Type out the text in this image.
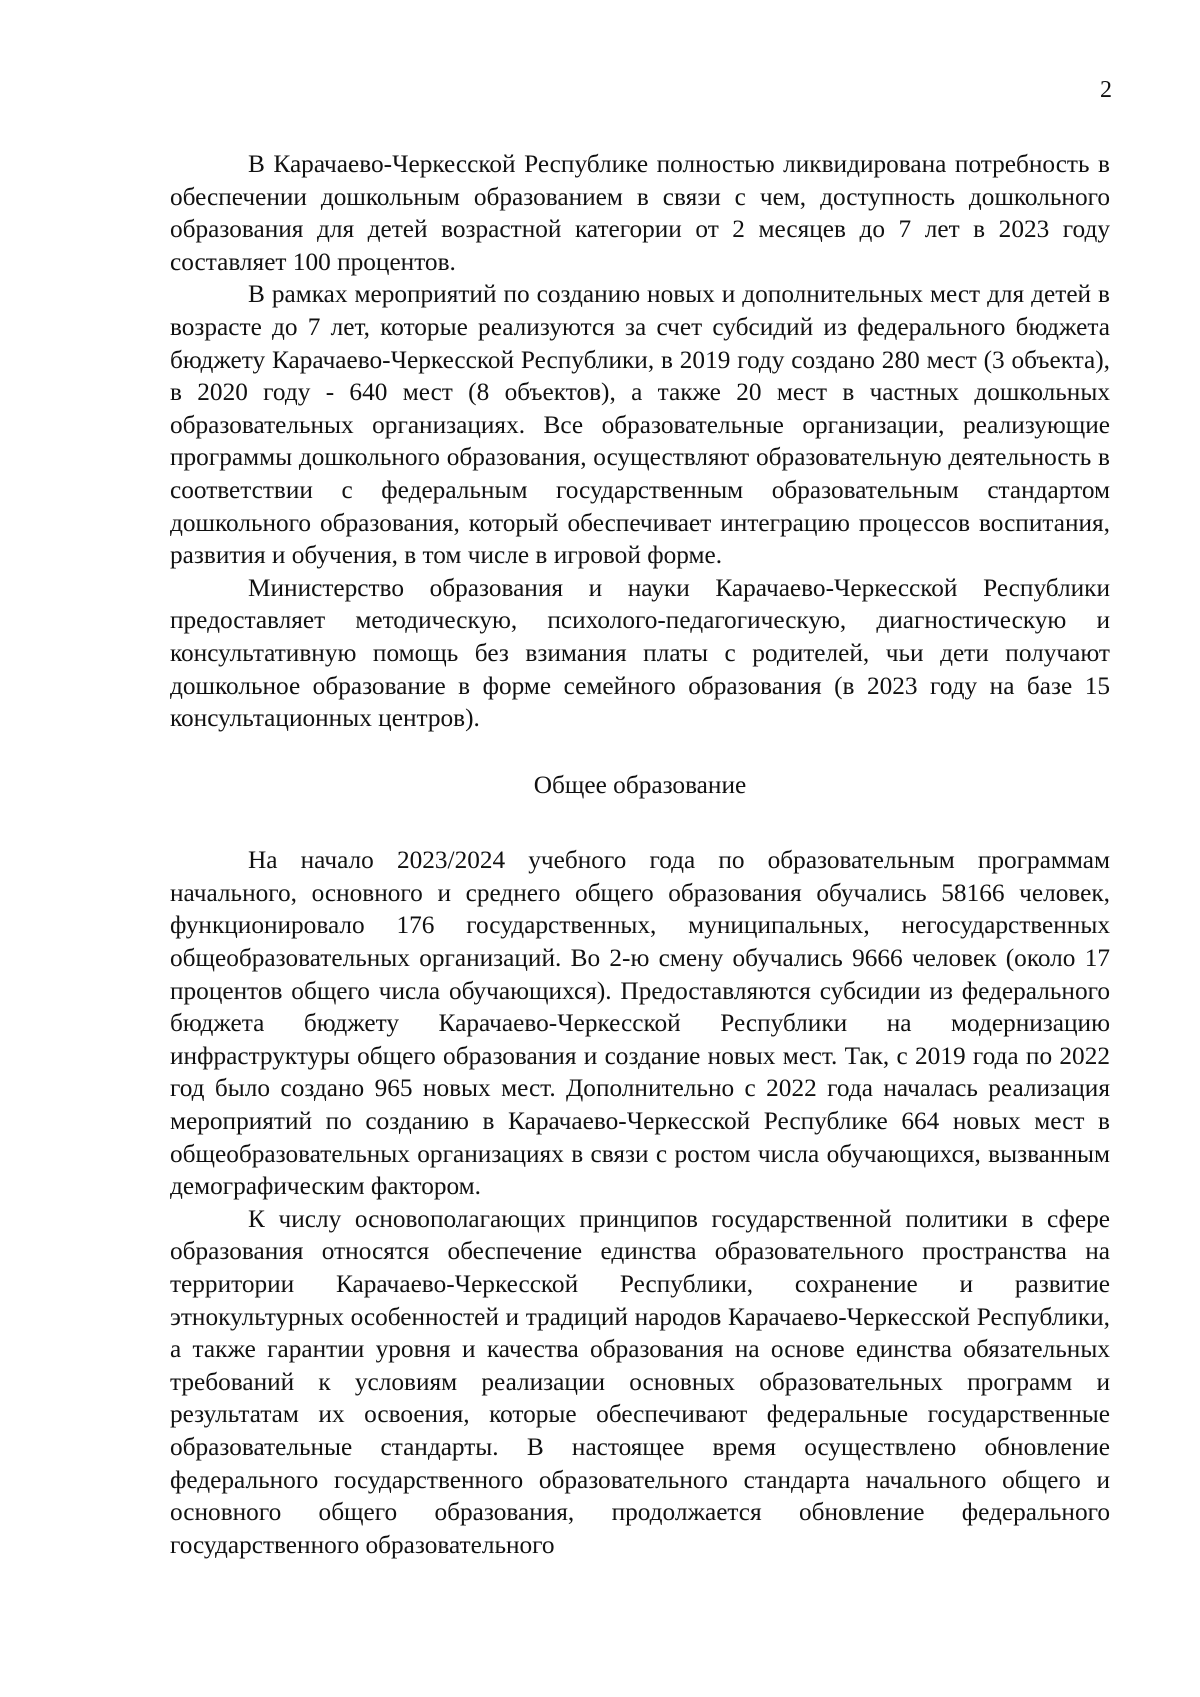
2

В Карачаево-Черкесской Республике полностью ликвидирована потребность в обеспечении дошкольным образованием в связи с чем, доступность дошкольного образования для детей возрастной категории от 2 месяцев до 7 лет в 2023 году составляет 100 процентов.

В рамках мероприятий по созданию новых и дополнительных мест для детей в возрасте до 7 лет, которые реализуются за счет субсидий из федерального бюджета бюджету Карачаево-Черкесской Республики, в 2019 году создано 280 мест (3 объекта), в 2020 году - 640 мест (8 объектов), а также 20 мест в частных дошкольных образовательных организациях. Все образовательные организации, реализующие программы дошкольного образования, осуществляют образовательную деятельность в соответствии с федеральным государственным образовательным стандартом дошкольного образования, который обеспечивает интеграцию процессов воспитания, развития и обучения, в том числе в игровой форме.

Министерство образования и науки Карачаево-Черкесской Республики предоставляет методическую, психолого-педагогическую, диагностическую и консультативную помощь без взимания платы с родителей, чьи дети получают дошкольное образование в форме семейного образования (в 2023 году на базе 15 консультационных центров).

Общее образование

На начало 2023/2024 учебного года по образовательным программам начального, основного и среднего общего образования обучались 58166 человек, функционировало 176 государственных, муниципальных, негосударственных общеобразовательных организаций. Во 2-ю смену обучались 9666 человек (около 17 процентов общего числа обучающихся). Предоставляются субсидии из федерального бюджета бюджету Карачаево-Черкесской Республики на модернизацию инфраструктуры общего образования и создание новых мест. Так, с 2019 года по 2022 год было создано 965 новых мест. Дополнительно с 2022 года началась реализация мероприятий по созданию в Карачаево-Черкесской Республике 664 новых мест в общеобразовательных организациях в связи с ростом числа обучающихся, вызванным демографическим фактором.

К числу основополагающих принципов государственной политики в сфере образования относятся обеспечение единства образовательного пространства на территории Карачаево-Черкесской Республики, сохранение и развитие этнокультурных особенностей и традиций народов Карачаево-Черкесской Республики, а также гарантии уровня и качества образования на основе единства обязательных требований к условиям реализации основных образовательных программ и результатам их освоения, которые обеспечивают федеральные государственные образовательные стандарты. В настоящее время осуществлено обновление федерального государственного образовательного стандарта начального общего и основного общего образования, продолжается обновление федерального государственного образовательного
